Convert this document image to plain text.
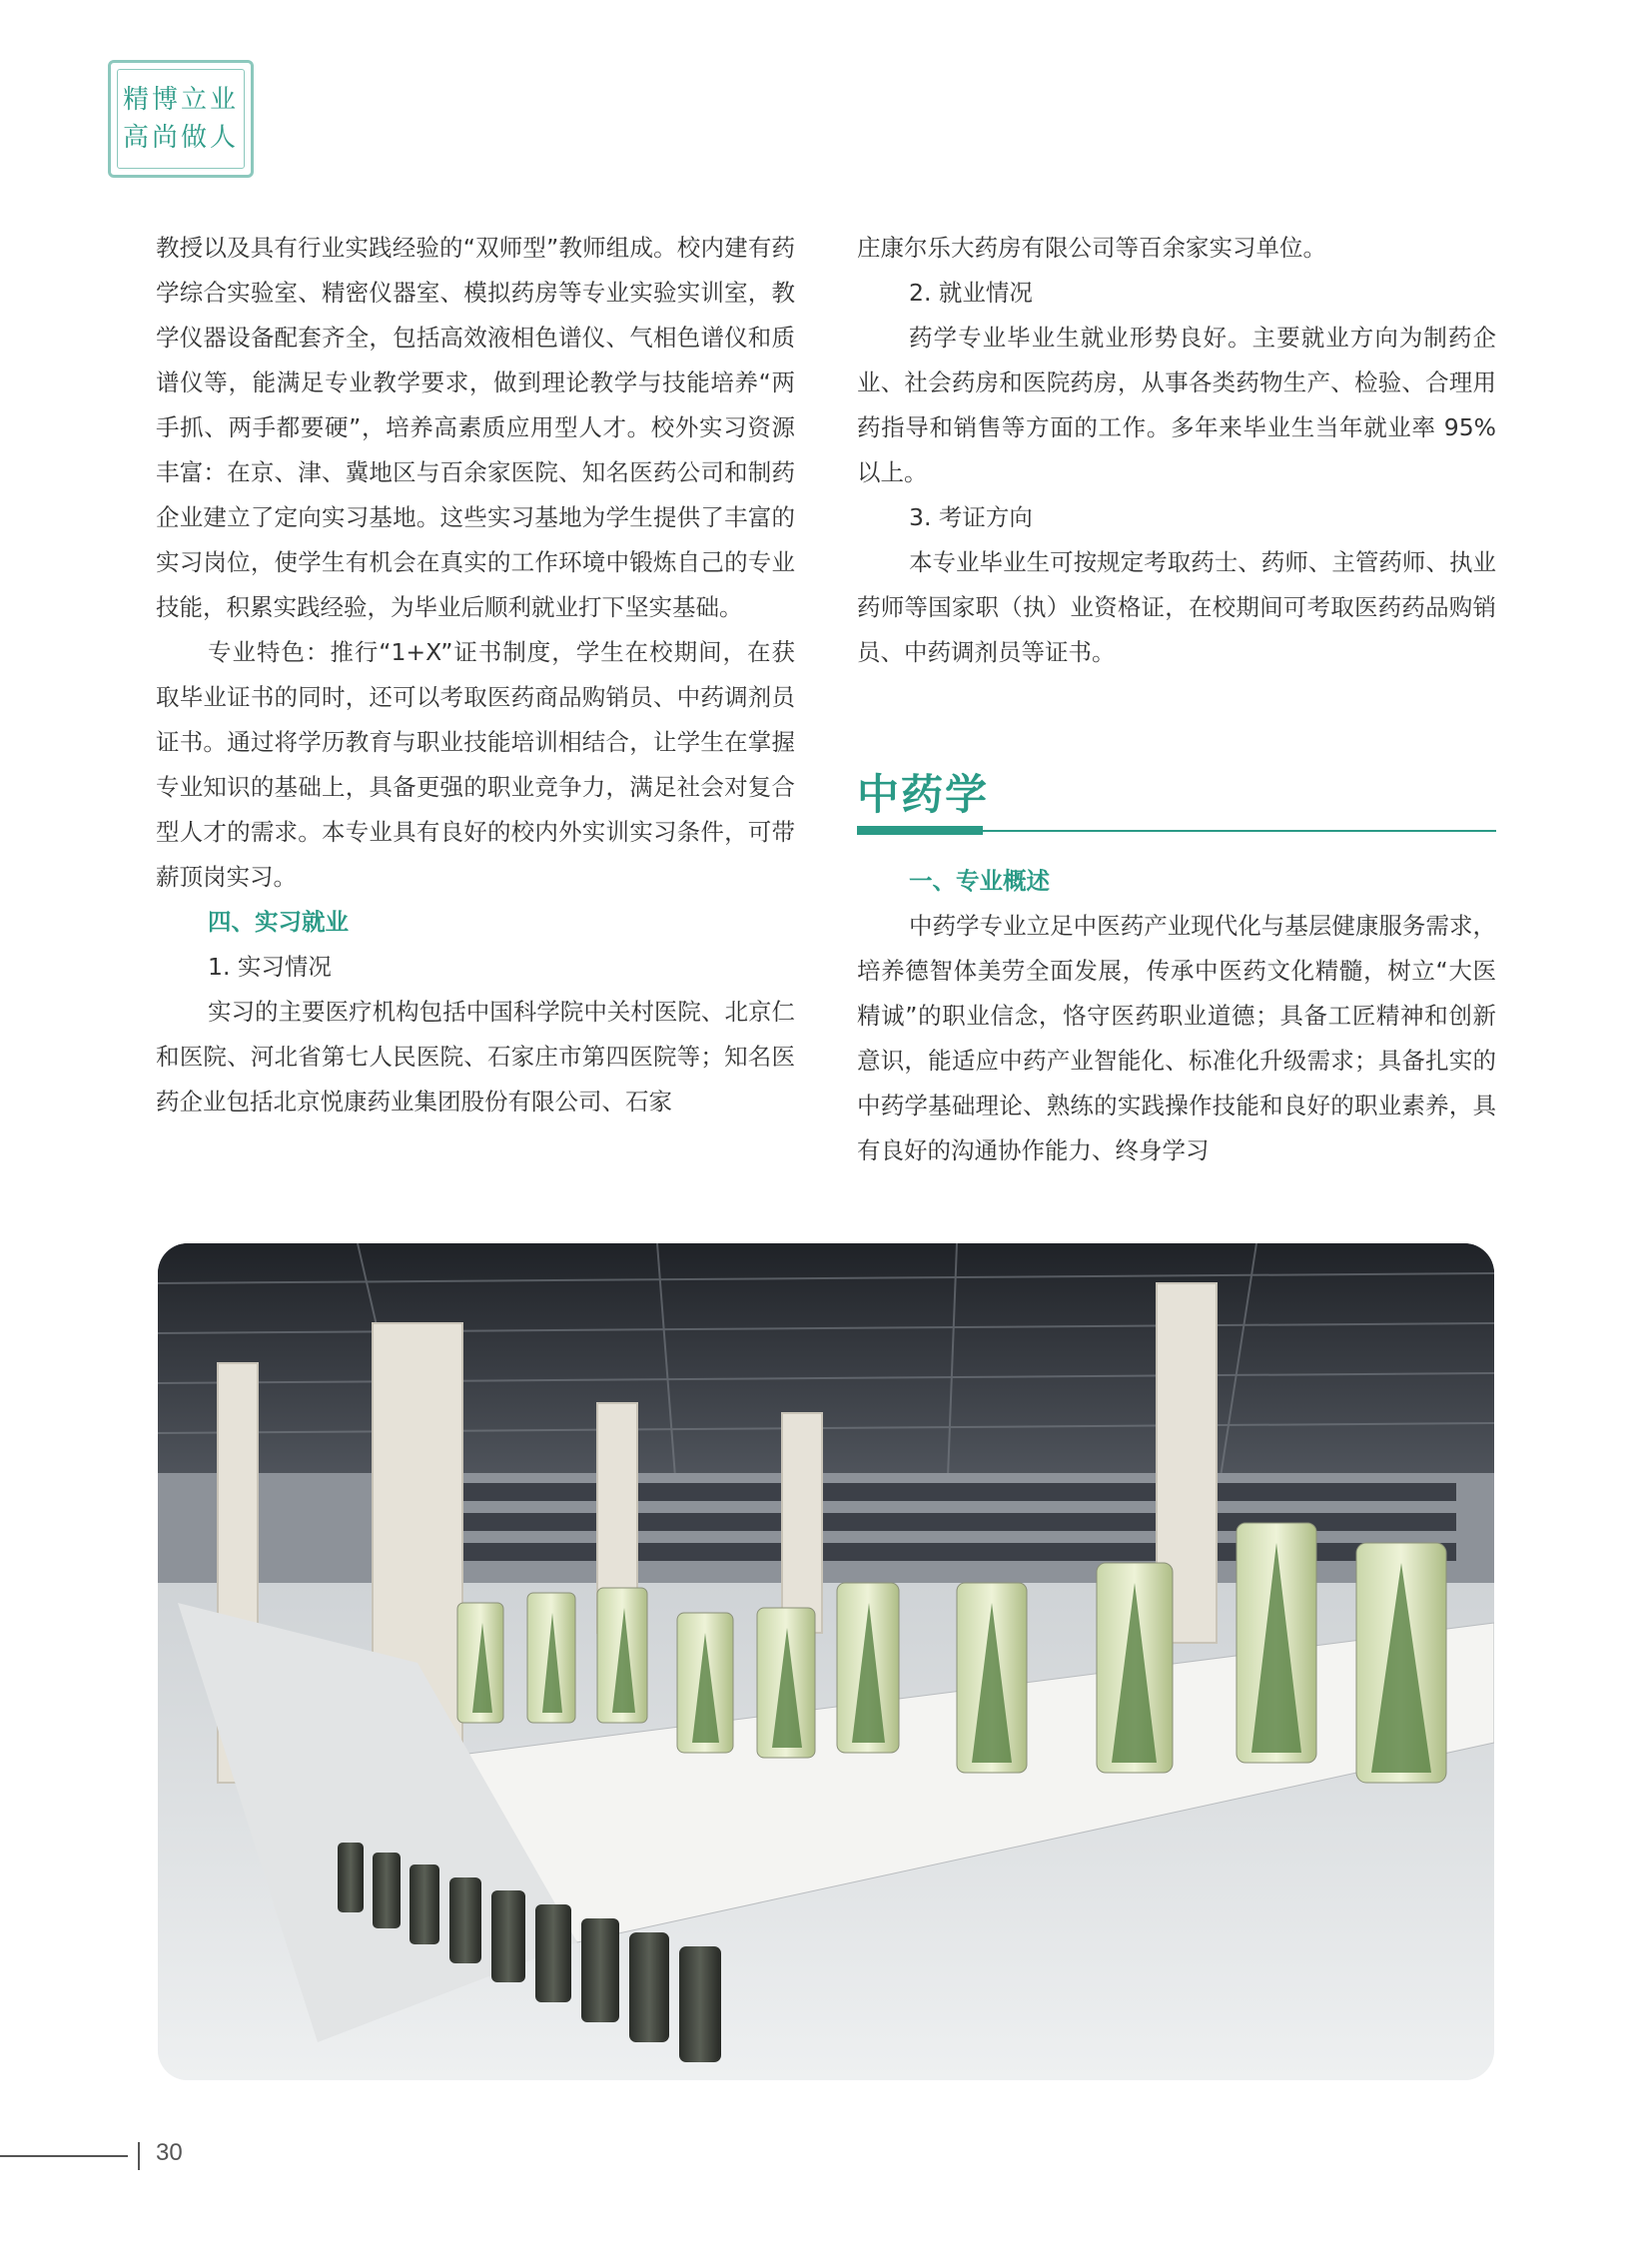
精博立业
高尚做人

教授以及具有行业实践经验的“双师型”教师组成。校内建有药学综合实验室、精密仪器室、模拟药房等专业实验实训室，教学仪器设备配套齐全，包括高效液相色谱仪、气相色谱仪和质谱仪等，能满足专业教学要求，做到理论教学与技能培养“两手抓、两手都要硬”，培养高素质应用型人才。校外实习资源丰富：在京、津、冀地区与百余家医院、知名医药公司和制药企业建立了定向实习基地。这些实习基地为学生提供了丰富的实习岗位，使学生有机会在真实的工作环境中锻炼自己的专业技能，积累实践经验，为毕业后顺利就业打下坚实基础。

专业特色：推行“1+X”证书制度，学生在校期间，在获取毕业证书的同时，还可以考取医药商品购销员、中药调剂员证书。通过将学历教育与职业技能培训相结合，让学生在掌握专业知识的基础上，具备更强的职业竞争力，满足社会对复合型人才的需求。本专业具有良好的校内外实训实习条件，可带薪顶岗实习。

四、实习就业

1. 实习情况

实习的主要医疗机构包括中国科学院中关村医院、北京仁和医院、河北省第七人民医院、石家庄市第四医院等；知名医药企业包括北京悦康药业集团股份有限公司、石家

庄康尔乐大药房有限公司等百余家实习单位。

2. 就业情况

药学专业毕业生就业形势良好。主要就业方向为制药企业、社会药房和医院药房，从事各类药物生产、检验、合理用药指导和销售等方面的工作。多年来毕业生当年就业率 95% 以上。

3. 考证方向

本专业毕业生可按规定考取药士、药师、主管药师、执业药师等国家职（执）业资格证，在校期间可考取医药药品购销员、中药调剂员等证书。

中药学

一、专业概述

中药学专业立足中医药产业现代化与基层健康服务需求，培养德智体美劳全面发展，传承中医药文化精髓，树立“大医精诚”的职业信念，恪守医药职业道德；具备工匠精神和创新意识，能适应中药产业智能化、标准化升级需求；具备扎实的中药学基础理论、熟练的实践操作技能和良好的职业素养，具有良好的沟通协作能力、终身学习

30
